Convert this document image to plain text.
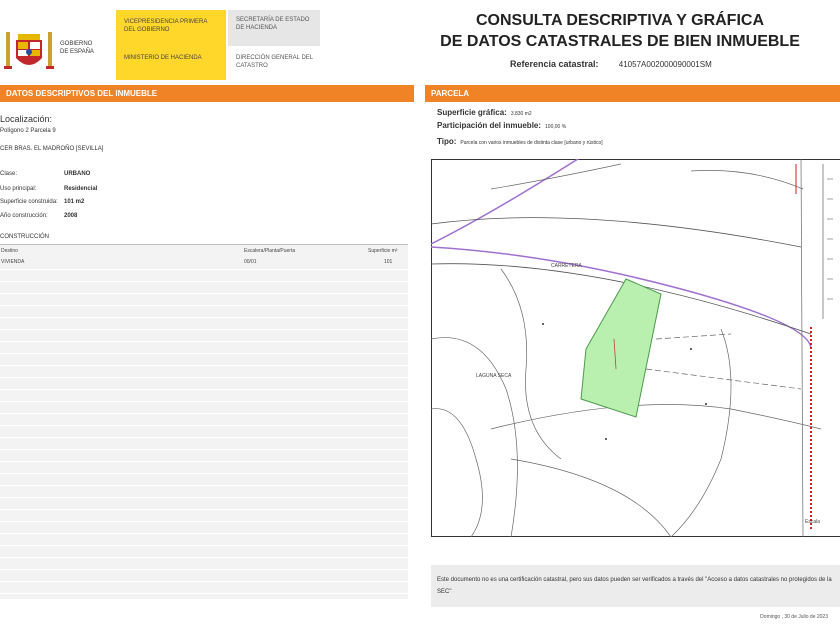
GOBIERNO
DE ESPAÑA
VICEPRESIDENCIA PRIMERA DEL GOBIERNO
MINISTERIO DE HACIENDA
SECRETARÍA DE ESTADO DE HACIENDA
DIRECCIÓN GENERAL DEL CATASTRO
CONSULTA DESCRIPTIVA Y GRÁFICA
DE DATOS CATASTRALES DE BIEN INMUEBLE
Referencia catastral:	41057A002000090001SM
DATOS DESCRIPTIVOS DEL INMUEBLE	PARCELA
Localización:
Polígono 2 Parcela 9
CER BRAS. EL MADROÑO [SEVILLA]
Clase:	URBANO
Uso principal:	Residencial
Superficie construida: 101 m2
Año construcción:	2008
CONSTRUCCIÓN
Destino	Escalera/Planta/Puerta	Superficie m²
VIVIENDA	00/01	101
Superficie gráfica: 3.830 m2
Participación del inmueble: 100,00 %
Tipo: Parcela con varios inmuebles de distinta clase [urbano y rústico]
CARRETERA
LAGUNA SECA
Escala
Este documento no es una certificación catastral, pero sus datos pueden ser verificados a través del "Acceso a datos catastrales no protegidos de la SEC"
Domingo , 30 de Julio de 2023
